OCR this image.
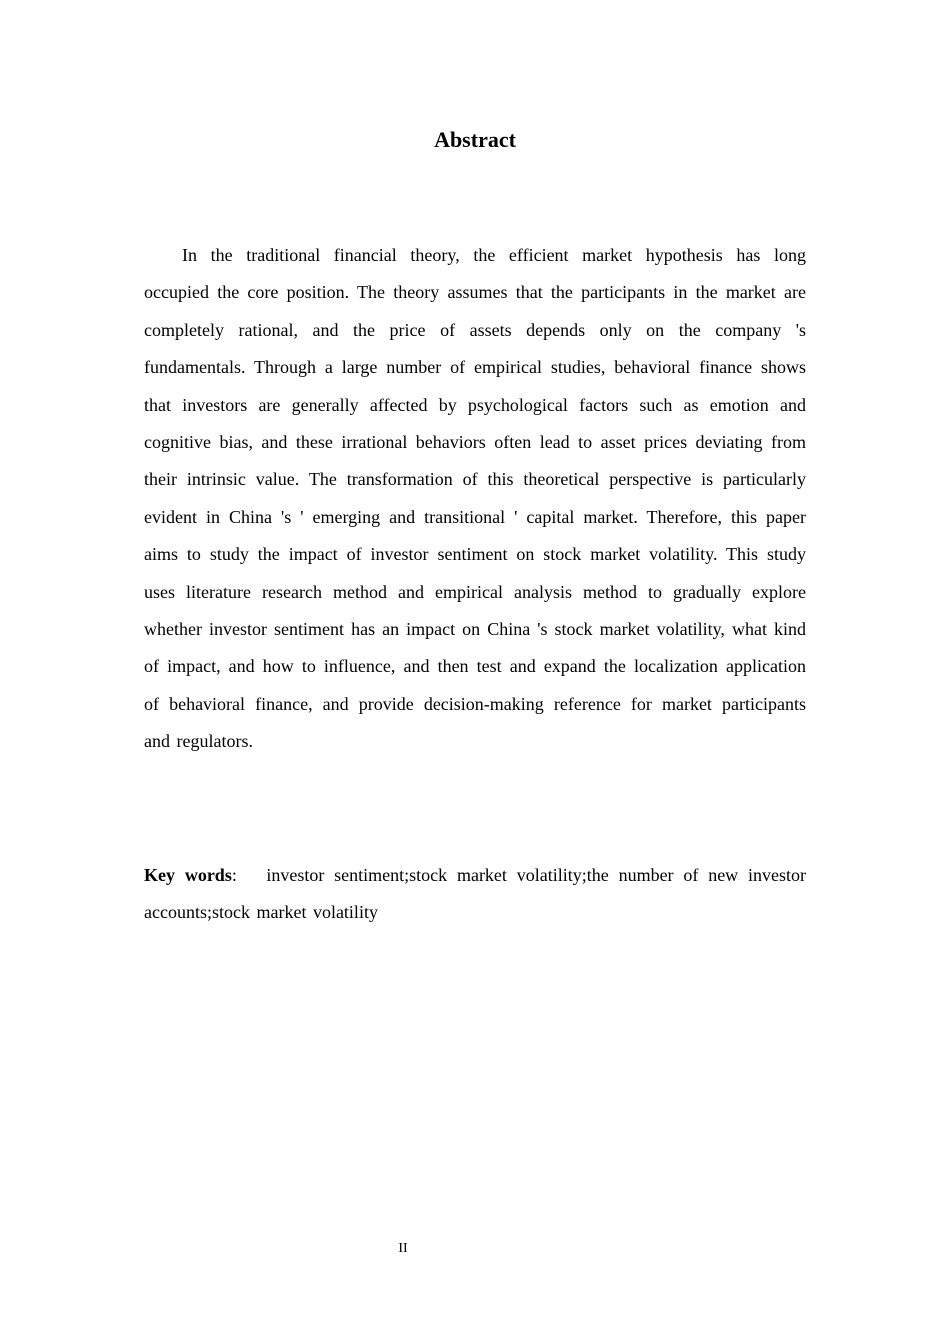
Abstract

In the traditional financial theory, the efficient market hypothesis has long occupied the core position. The theory assumes that the participants in the market are completely rational, and the price of assets depends only on the company 's fundamentals. Through a large number of empirical studies, behavioral finance shows that investors are generally affected by psychological factors such as emotion and cognitive bias, and these irrational behaviors often lead to asset prices deviating from their intrinsic value. The transformation of this theoretical perspective is particularly evident in China 's ' emerging and transitional ' capital market. Therefore, this paper aims to study the impact of investor sentiment on stock market volatility. This study uses literature research method and empirical analysis method to gradually explore whether investor sentiment has an impact on China 's stock market volatility, what kind of impact, and how to influence, and then test and expand the localization application of behavioral finance, and provide decision-making reference for market participants and regulators.

Key words: investor sentiment;stock market volatility;the number of new investor accounts;stock market volatility

II
